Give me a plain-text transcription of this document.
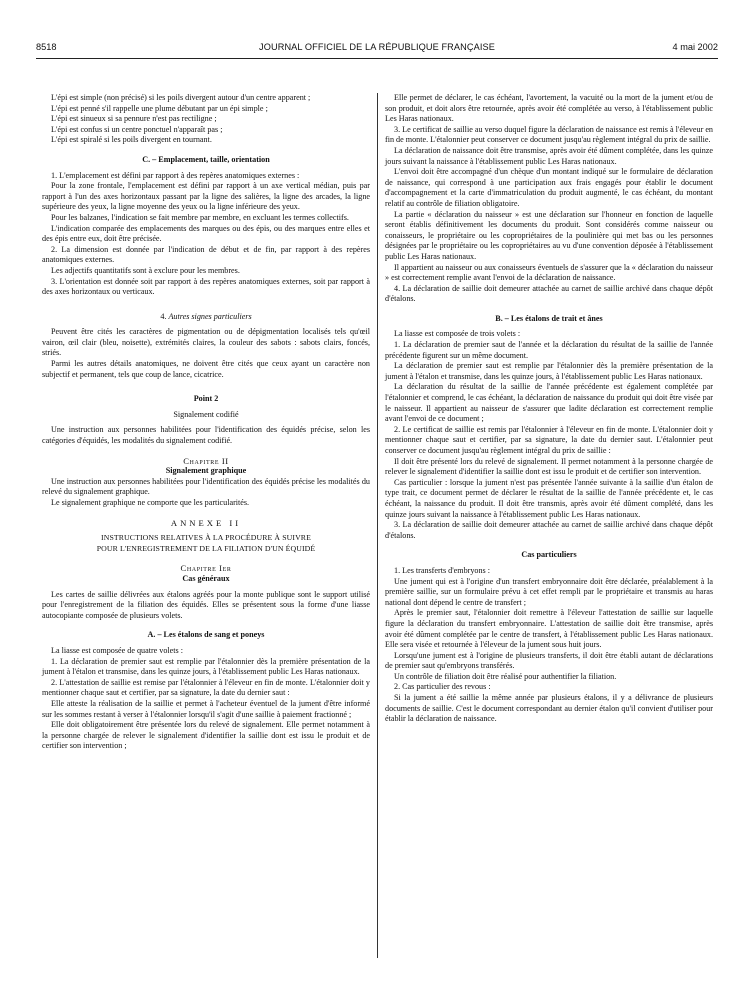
8518	JOURNAL OFFICIEL DE LA RÉPUBLIQUE FRANÇAISE	4 mai 2002

L'épi est simple (non précisé) si les poils divergent autour d'un centre apparent ;

L'épi est penné s'il rappelle une plume débutant par un épi simple ;

L'épi est sinueux si sa pennure n'est pas rectiligne ;

L'épi est confus si un centre ponctuel n'apparaît pas ;

L'épi est spiralé si les poils divergent en tournant.

C. – Emplacement, taille, orientation

1. L'emplacement est défini par rapport à des repères anatomiques externes :

Pour la zone frontale, l'emplacement est défini par rapport à un axe vertical médian, puis par rapport à l'un des axes horizontaux passant par la ligne des salières, la ligne des arcades, la ligne supérieure des yeux, la ligne moyenne des yeux ou la ligne inférieure des yeux.

Pour les balzanes, l'indication se fait membre par membre, en excluant les termes collectifs.

L'indication comparée des emplacements des marques ou des épis, ou des marques entre elles et des épis entre eux, doit être précisée.

2. La dimension est donnée par l'indication de début et de fin, par rapport à des repères anatomiques externes.

Les adjectifs quantitatifs sont à exclure pour les membres.

3. L'orientation est donnée soit par rapport à des repères anatomiques externes, soit par rapport à des axes horizontaux ou verticaux.

4. Autres signes particuliers

Peuvent être cités les caractères de pigmentation ou de dépigmentation localisés tels qu'œil vairon, œil clair (bleu, noisette), extrémités claires, la couleur des sabots : sabots clairs, foncés, striés.

Parmi les autres détails anatomiques, ne doivent être cités que ceux ayant un caractère non subjectif et permanent, tels que coup de lance, cicatrice.

Point 2

Signalement codifié

Une instruction aux personnes habilitées pour l'identification des équidés précise, selon les catégories d'équidés, les modalités du signalement codifié.

Chapitre II

Signalement graphique

Une instruction aux personnes habilitées pour l'identification des équidés précise les modalités du relevé du signalement graphique.

Le signalement graphique ne comporte que les particularités.

ANNEXE II

INSTRUCTIONS RELATIVES À LA PROCÉDURE À SUIVRE

POUR L'ENREGISTREMENT DE LA FILIATION D'UN ÉQUIDÉ

Chapitre Ier

Cas généraux

Les cartes de saillie délivrées aux étalons agréés pour la monte publique sont le support utilisé pour l'enregistrement de la filiation des équidés. Elles se présentent sous la forme d'une liasse autocopiante composée de plusieurs volets.

A. – Les étalons de sang et poneys

La liasse est composée de quatre volets :

1. La déclaration de premier saut est remplie par l'étalonnier dès la première présentation de la jument à l'étalon et transmise, dans les quinze jours, à l'établissement public Les Haras nationaux.

2. L'attestation de saillie est remise par l'étalonnier à l'éleveur en fin de monte. L'étalonnier doit y mentionner chaque saut et certifier, par sa signature, la date du dernier saut :

Elle atteste la réalisation de la saillie et permet à l'acheteur éventuel de la jument d'être informé sur les sommes restant à verser à l'étalonnier lorsqu'il s'agit d'une saillie à paiement fractionné ;

Elle doit obligatoirement être présentée lors du relevé de signalement. Elle permet notamment à la personne chargée de relever le signalement d'identifier la saillie dont est issu le produit et de certifier son intervention ;

Elle permet de déclarer, le cas échéant, l'avortement, la vacuité ou la mort de la jument et/ou de son produit, et doit alors être retournée, après avoir été complétée au verso, à l'établissement public Les Haras nationaux.

3. Le certificat de saillie au verso duquel figure la déclaration de naissance est remis à l'éleveur en fin de monte. L'étalonnier peut conserver ce document jusqu'au règlement intégral du prix de saillie.

La déclaration de naissance doit être transmise, après avoir été dûment complétée, dans les quinze jours suivant la naissance à l'établissement public Les Haras nationaux.

L'envoi doit être accompagné d'un chèque d'un montant indiqué sur le formulaire de déclaration de naissance, qui correspond à une participation aux frais engagés pour établir le document d'accompagnement et la carte d'immatriculation du produit augmenté, le cas échéant, du montant relatif au contrôle de filiation obligatoire.

La partie « déclaration du naisseur » est une déclaration sur l'honneur en fonction de laquelle seront établis définitivement les documents du produit. Sont considérés comme naisseur ou conaisseurs, le propriétaire ou les copropriétaires de la poulinière qui met bas ou les personnes désignées par le propriétaire ou les copropriétaires au vu d'une convention déposée à l'établissement public Les Haras nationaux.

Il appartient au naisseur ou aux conaisseurs éventuels de s'assurer que la « déclaration du naisseur » est correctement remplie avant l'envoi de la déclaration de naissance.

4. La déclaration de saillie doit demeurer attachée au carnet de saillie archivé dans chaque dépôt d'étalons.

B. – Les étalons de trait et ânes

La liasse est composée de trois volets :

1. La déclaration de premier saut de l'année et la déclaration du résultat de la saillie de l'année précédente figurent sur un même document.

La déclaration de premier saut est remplie par l'étalonnier dès la première présentation de la jument à l'étalon et transmise, dans les quinze jours, à l'établissement public Les Haras nationaux.

La déclaration du résultat de la saillie de l'année précédente est également complétée par l'étalonnier et comprend, le cas échéant, la déclaration de naissance du produit qui doit être visée par le naisseur. Il appartient au naisseur de s'assurer que ladite déclaration est correctement remplie avant l'envoi de ce document ;

2. Le certificat de saillie est remis par l'étalonnier à l'éleveur en fin de monte. L'étalonnier doit y mentionner chaque saut et certifier, par sa signature, la date du dernier saut. L'étalonnier peut conserver ce document jusqu'au règlement intégral du prix de saillie :

Il doit être présenté lors du relevé de signalement. Il permet notamment à la personne chargée de relever le signalement d'identifier la saillie dont est issu le produit et de certifier son intervention.

Cas particulier : lorsque la jument n'est pas présentée l'année suivante à la saillie d'un étalon de type trait, ce document permet de déclarer le résultat de la saillie de l'année précédente et, le cas échéant, la naissance du produit. Il doit être transmis, après avoir été dûment complété, dans les quinze jours suivant la naissance à l'établissement public Les Haras nationaux.

3. La déclaration de saillie doit demeurer attachée au carnet de saillie archivé dans chaque dépôt d'étalons.

Cas particuliers

1. Les transferts d'embryons :

Une jument qui est à l'origine d'un transfert embryonnaire doit être déclarée, préalablement à la première saillie, sur un formulaire prévu à cet effet rempli par le propriétaire et transmis au haras national dont dépend le centre de transfert ;

Après le premier saut, l'étalonnier doit remettre à l'éleveur l'attestation de saillie sur laquelle figure la déclaration du transfert embryonnaire. L'attestation de saillie doit être transmise, après avoir été dûment complétée par le centre de transfert, à l'établissement public Les Haras nationaux. Elle sera visée et retournée à l'éleveur de la jument sous huit jours.

Lorsqu'une jument est à l'origine de plusieurs transferts, il doit être établi autant de déclarations de premier saut qu'embryons transférés.

Un contrôle de filiation doit être réalisé pour authentifier la filiation.

2. Cas particulier des revous :

Si la jument a été saillie la même année par plusieurs étalons, il y a délivrance de plusieurs documents de saillie. C'est le document correspondant au dernier étalon qu'il convient d'utiliser pour établir la déclaration de naissance.
